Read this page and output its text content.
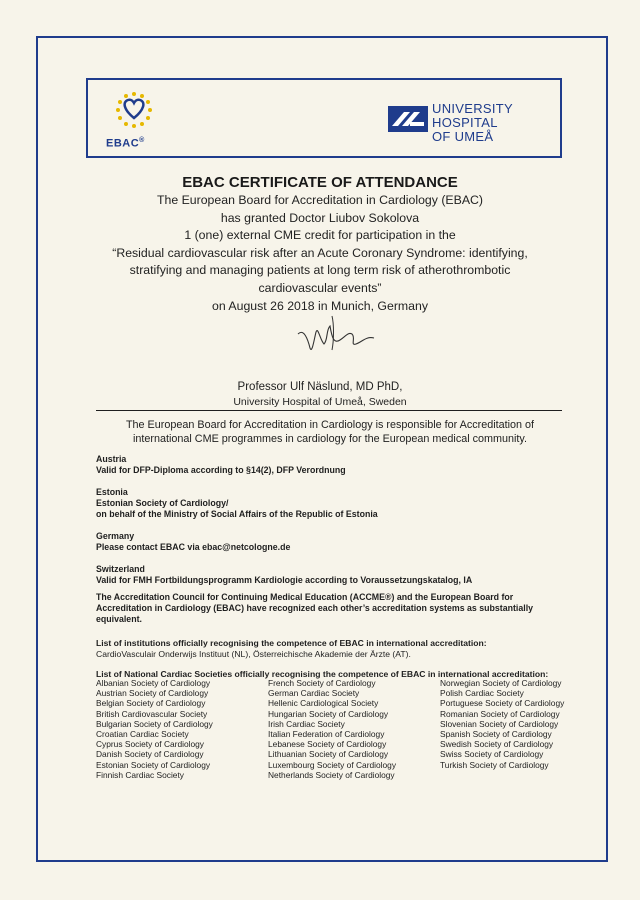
EBAC®
UNIVERSITY HOSPITAL
OF UMEÅ
EBAC CERTIFICATE OF ATTENDANCE
The European Board for Accreditation in Cardiology (EBAC)
has granted Doctor Liubov Sokolova
1 (one) external CME credit for participation in the
“Residual cardiovascular risk after an Acute Coronary Syndrome: identifying,
stratifying and managing patients at long term risk of atherothrombotic
cardiovascular events”
on August 26 2018 in Munich, Germany
Professor Ulf Näslund, MD PhD,
University Hospital of Umeå, Sweden
The European Board for Accreditation in Cardiology is responsible for Accreditation of international CME programmes in cardiology for the European medical community.
Austria
Valid for DFP-Diploma according to §14(2), DFP Verordnung
Estonia
Estonian Society of Cardiology/
on behalf of the Ministry of Social Affairs of the Republic of Estonia
Germany
Please contact EBAC via ebac@netcologne.de
Switzerland
Valid for FMH Fortbildungsprogramm Kardiologie according to Voraussetzungskatalog, IA
The Accreditation Council for Continuing Medical Education (ACCME®) and the European Board for Accreditation in Cardiology (EBAC) have recognized each other’s accreditation systems as substantially equivalent.
List of institutions officially recognising the competence of EBAC in international accreditation:
CardioVasculair Onderwijs Instituut (NL), Österreichische Akademie der Ärzte (AT).
List of National Cardiac Societies officially recognising the competence of EBAC in international accreditation:
Albanian Society of Cardiology
Austrian Society of Cardiology
Belgian Society of Cardiology
British Cardiovascular Society
Bulgarian Society of Cardiology
Croatian Cardiac Society
Cyprus Society of Cardiology
Danish Society of Cardiology
Estonian Society of Cardiology
Finnish Cardiac Society
French Society of Cardiology
German Cardiac Society
Hellenic Cardiological Society
Hungarian Society of Cardiology
Irish Cardiac Society
Italian Federation of Cardiology
Lebanese Society of Cardiology
Lithuanian Society of Cardiology
Luxembourg Society of Cardiology
Netherlands Society of Cardiology
Norwegian Society of Cardiology
Polish Cardiac Society
Portuguese Society of Cardiology
Romanian Society of Cardiology
Slovenian Society of Cardiology
Spanish Society of Cardiology
Swedish Society of Cardiology
Swiss Society of Cardiology
Turkish Society of Cardiology
